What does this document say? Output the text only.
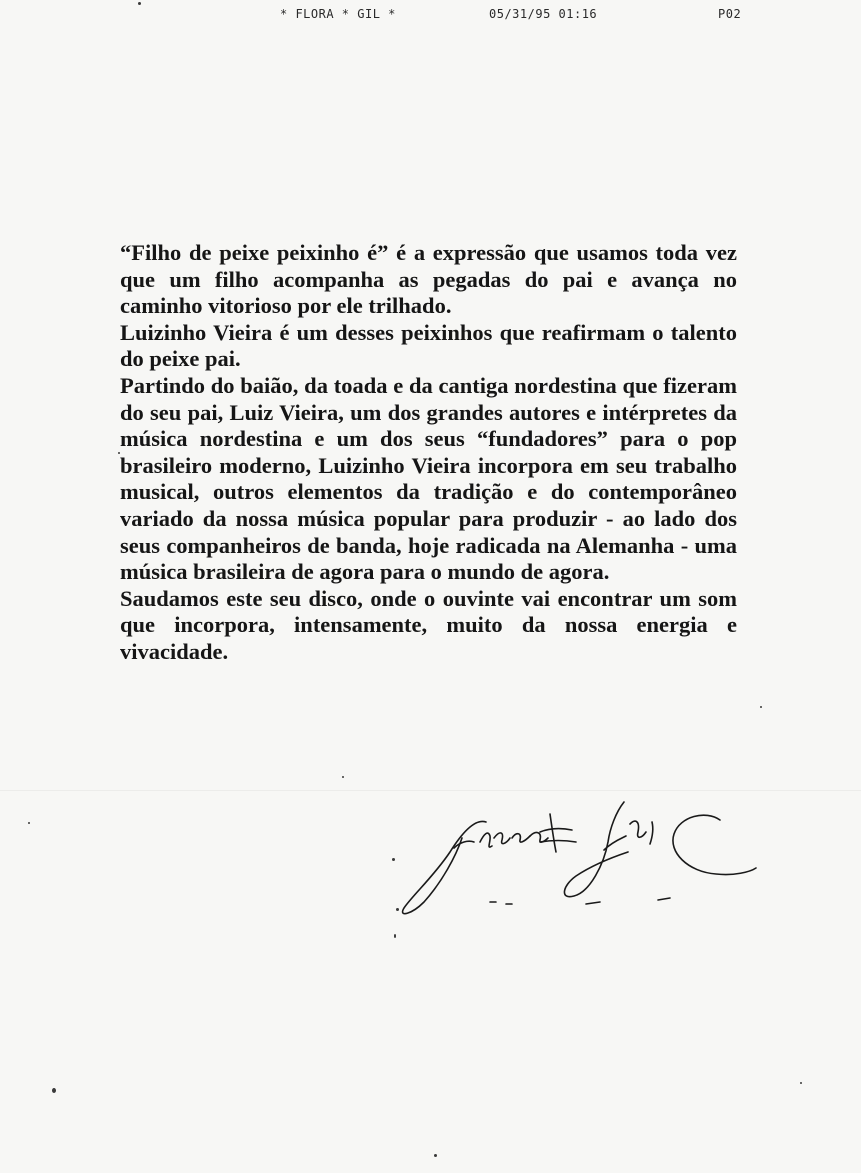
* FLORA * GIL *	05/31/95 01:16	P02

“Filho de peixe peixinho é” é a expressão que usamos toda vez que um filho acompanha as pegadas do pai e avança no caminho vitorioso por ele trilhado.

Luizinho Vieira é um desses peixinhos que reafirmam o talento do peixe pai.

Partindo do baião, da toada e da cantiga nordestina que fizeram do seu pai, Luiz Vieira, um dos grandes autores e intérpretes da música nordestina e um dos seus “fundadores” para o pop brasileiro moderno, Luizinho Vieira incorpora em seu trabalho musical, outros elementos da tradição e do contemporâneo variado da nossa música popular para produzir - ao lado dos seus companheiros de banda, hoje radicada na Alemanha - uma música brasileira de agora para o mundo de agora.

Saudamos este seu disco, onde o ouvinte vai encontrar um som que incorpora, intensamente, muito da nossa energia e vivacidade.
